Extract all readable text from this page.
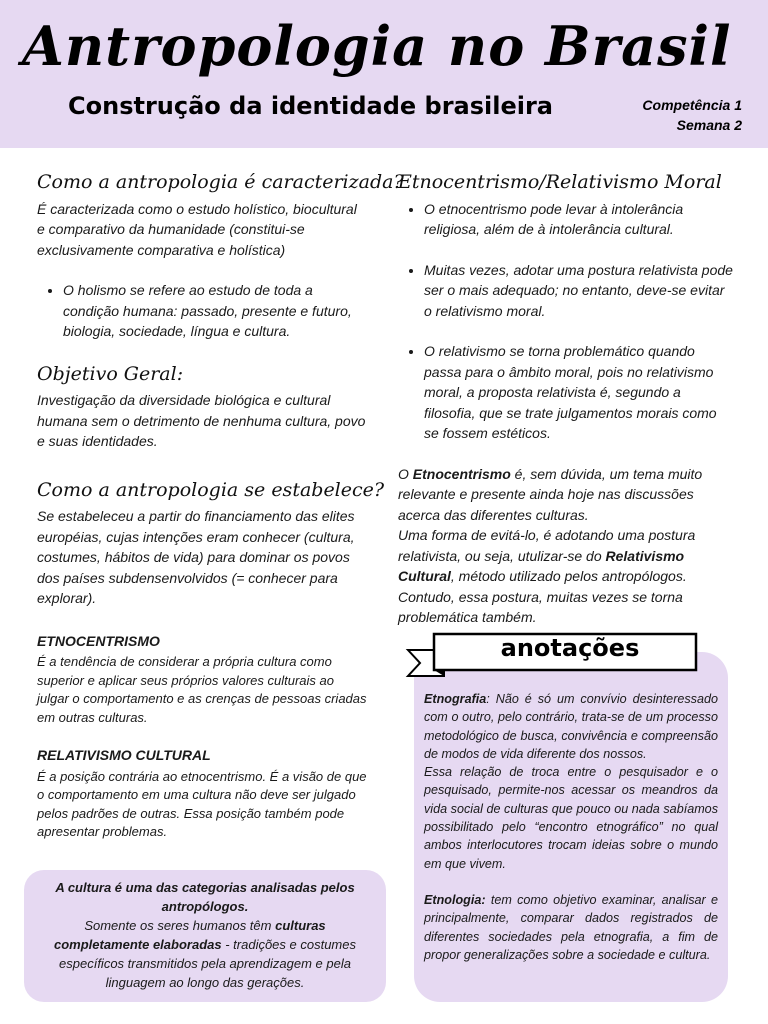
Antropologia no Brasil
Construção da identidade brasileira	Competência 1
Semana 2
Como a antropologia é caracterizada?

É caracterizada como o estudo holístico, biocultural e comparativo da humanidade (constitui-se exclusivamente comparativa e holística)

• O holismo se refere ao estudo de toda a condição humana: passado, presente e futuro, biologia, sociedade, língua e cultura.
Objetivo Geral:

Investigação da diversidade biológica e cultural humana sem o detrimento de nenhuma cultura, povo e suas identidades.

Como a antropologia se estabelece?

Se estabeleceu a partir do financiamento das elites européias, cujas intenções eram conhecer (cultura, costumes, hábitos de vida) para dominar os povos dos países subdensenvolvidos (= conhecer para explorar).

ETNOCENTRISMO

É a tendência de considerar a própria cultura como superior e aplicar seus próprios valores culturais ao julgar o comportamento e as crenças de pessoas criadas em outras culturas.

RELATIVISMO CULTURAL

É a posição contrária ao etnocentrismo. É a visão de que o comportamento em uma cultura não deve ser julgado pelos padrões de outras. Essa posição também pode apresentar problemas.

A cultura é uma das categorias analisadas pelos antropólogos.
Somente os seres humanos têm culturas completamente elaboradas - tradições e costumes específicos transmitidos pela aprendizagem e pela linguagem ao longo das gerações.
Etnocentrismo/Relativismo Moral
• O etnocentrismo pode levar à intolerância religiosa, além de à intolerância cultural.
• Muitas vezes, adotar uma postura relativista pode ser o mais adequado; no entanto, deve-se evitar o relativismo moral.
• O relativismo se torna problemático quando passa para o âmbito moral, pois no relativismo moral, a proposta relativista é, segundo a filosofia, que se trate julgamentos morais como se fossem estéticos.

O Etnocentrismo é, sem dúvida, um tema muito relevante e presente ainda hoje nas discussões acerca das diferentes culturas.

Uma forma de evitá-lo, é adotando uma postura relativista, ou seja, utulizar-se do Relativismo Cultural, método utilizado pelos antropólogos. Contudo, essa postura, muitas vezes se torna problemática também.

Etnografia: Não é só um convívio desinteressado com o outro, pelo contrário, trata-se de um processo metodológico de busca, convivência e compreensão de modos de vida diferente dos nossos.

Essa relação de troca entre o pesquisador e o pesquisado, permite-nos acessar os meandros da vida social de culturas que pouco ou nada sabíamos possibilitado pelo “encontro etnográfico” no qual ambos interlocutores trocam ideias sobre o mundo em que vivem.

Etnologia: tem como objetivo examinar, analisar e principalmente, comparar dados registrados de diferentes sociedades pela etnografia, a fim de propor generalizações sobre a sociedade e cultura.

anotações
